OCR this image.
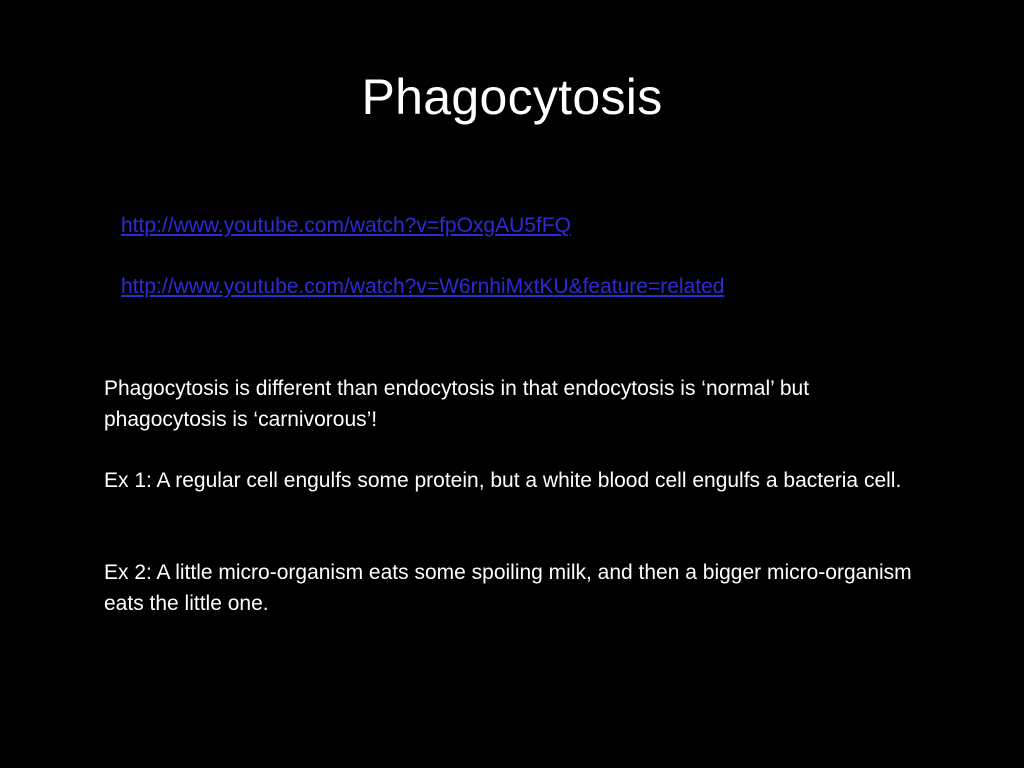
Phagocytosis
http://www.youtube.com/watch?v=fpOxgAU5fFQ
http://www.youtube.com/watch?v=W6rnhiMxtKU&feature=related

Phagocytosis is different than endocytosis in that endocytosis is ‘normal’ but phagocytosis is ‘carnivorous’!

Ex 1: A regular cell engulfs some protein, but a white blood cell engulfs a bacteria cell.

Ex 2: A little micro-organism eats some spoiling milk, and then a bigger micro-organism eats the little one.
